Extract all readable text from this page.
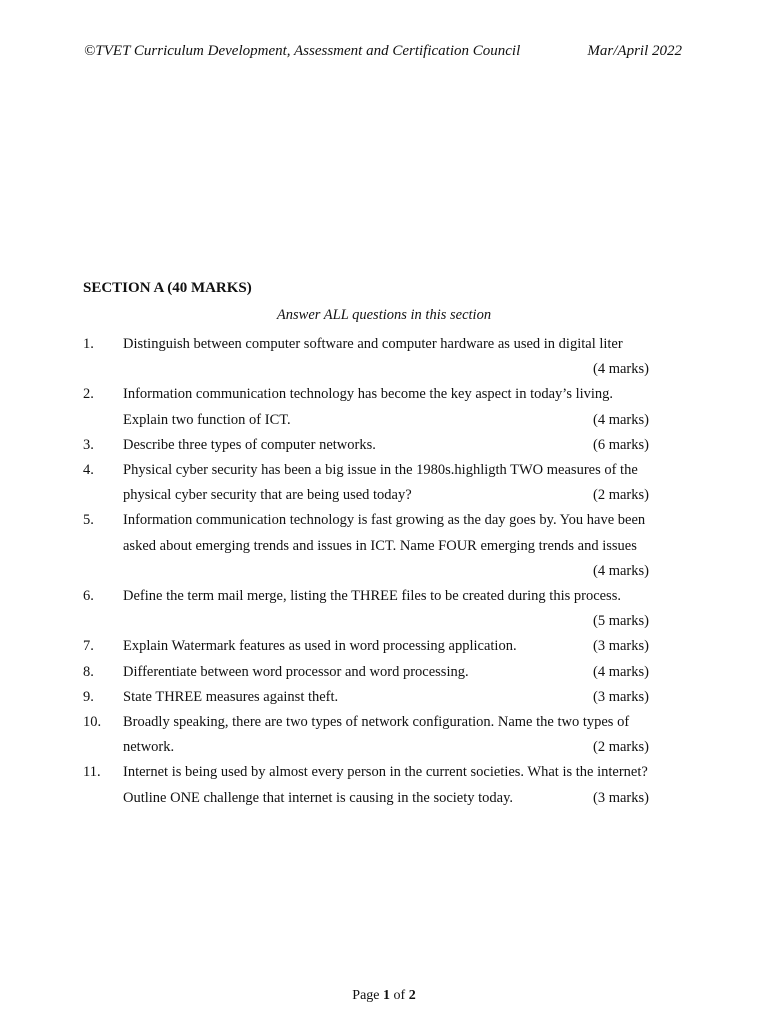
©TVET Curriculum Development, Assessment and Certification Council	Mar/April 2022
SECTION A (40 MARKS)
Answer ALL questions in this section
1.	Distinguish between computer software and computer hardware as used in digital liter
(4 marks)
2.	Information communication technology has become the key aspect in today’s living.
Explain two function of ICT.	(4 marks)
3.	Describe three types of computer networks.	(6 marks)
4.	Physical cyber security has been a big issue in the 1980s.highligth TWO measures of the
physical cyber security that are being used today?	(2 marks)
5.	Information communication technology is fast growing as the day goes by. You have been
asked about emerging trends and issues in ICT. Name FOUR emerging trends and issues
(4 marks)
6.	Define the term mail merge, listing the THREE files to be created during this process.
(5 marks)
7.	Explain Watermark features as used in word processing application.	(3 marks)
8.	Differentiate between word processor and word processing.	(4 marks)
9.	State THREE measures against theft.	(3 marks)
10.	Broadly speaking, there are two types of network configuration. Name the two types of
network.	(2 marks)
11.	Internet is being used by almost every person in the current societies. What is the internet?
Outline ONE challenge that internet is causing in the society today.	(3 marks)
Page 1 of 2
